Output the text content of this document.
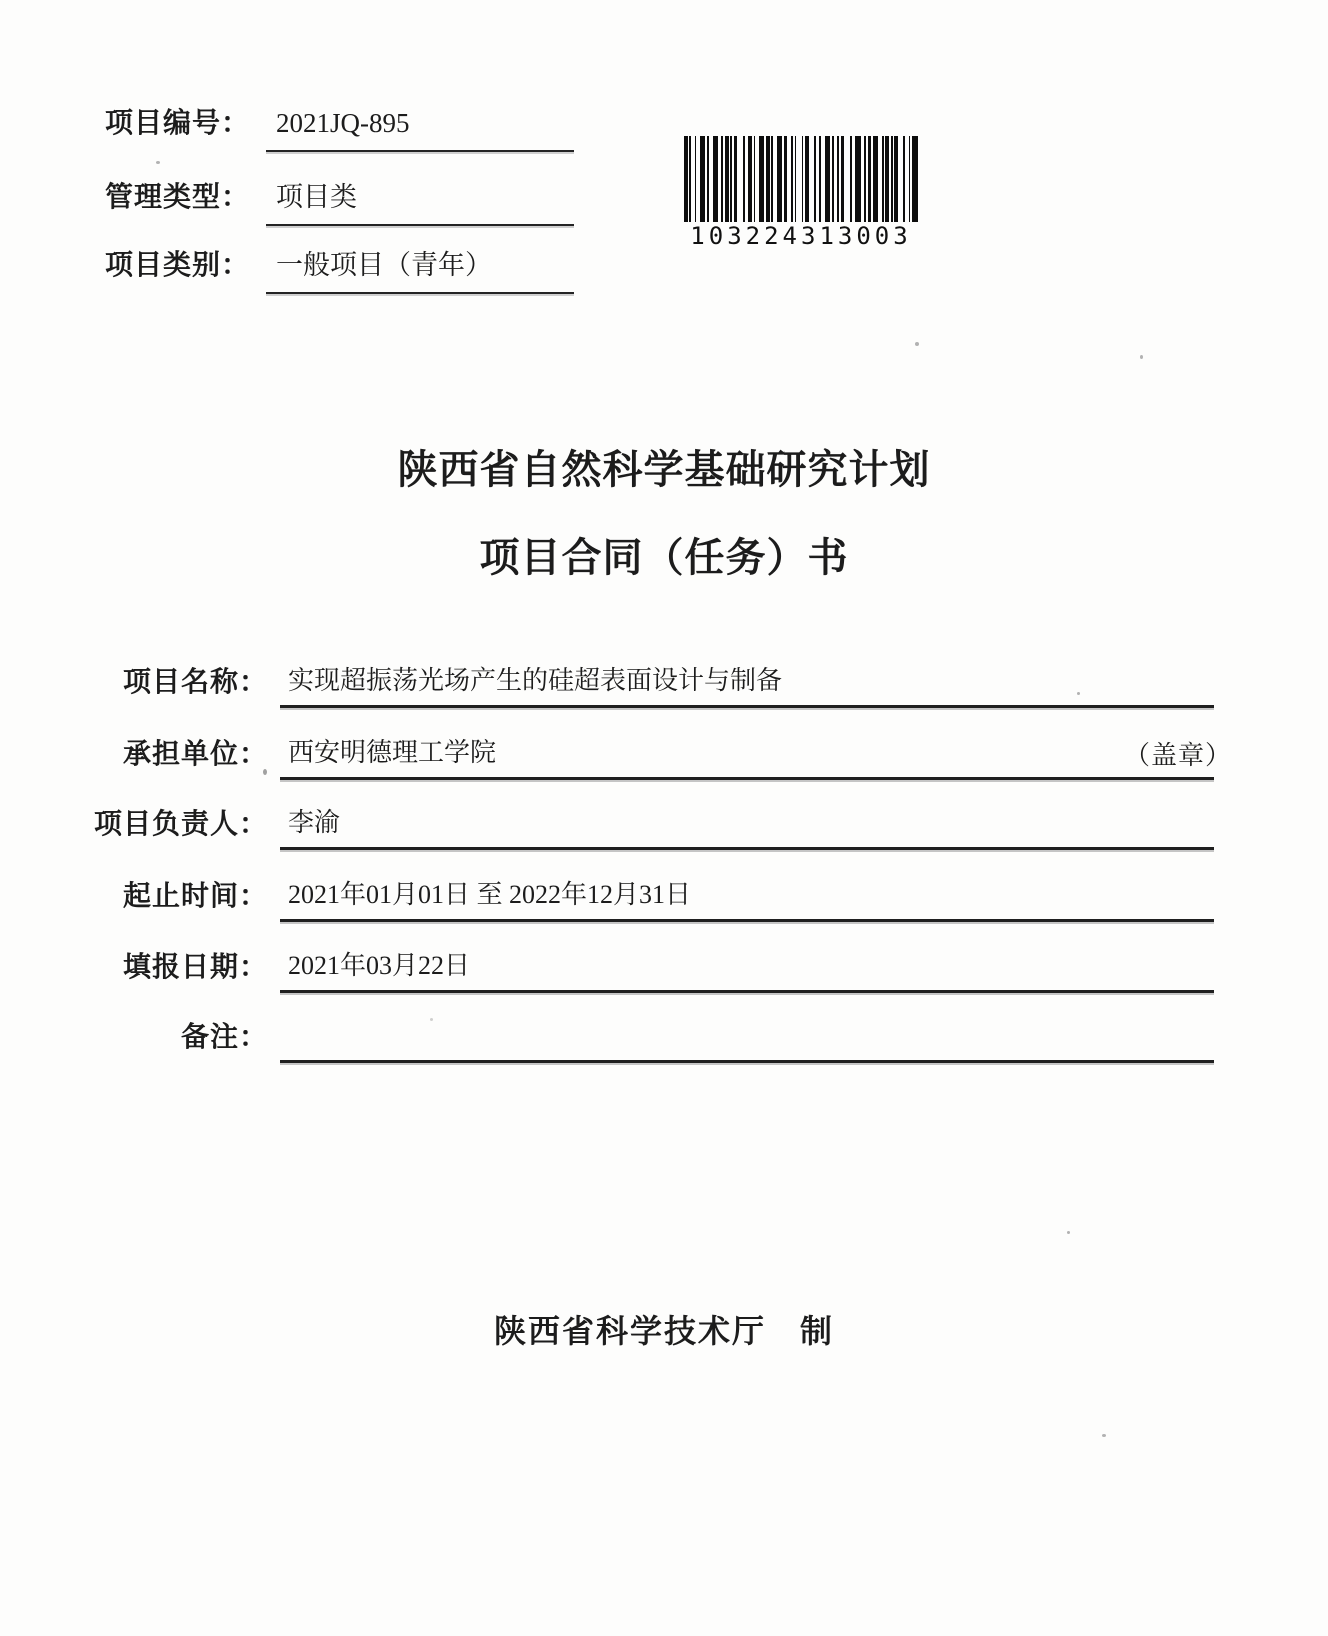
项目编号： 2021JQ-895
管理类型： 项目类
项目类别： 一般项目（青年）
103224313003
陕西省自然科学基础研究计划
项目合同（任务）书
项目名称： 实现超振荡光场产生的硅超表面设计与制备
承担单位： 西安明德理工学院	（盖章）
项目负责人： 李渝
起止时间： 2021年01月01日 至 2022年12月31日
填报日期： 2021年03月22日
备注：
陕西省科学技术厅　制
